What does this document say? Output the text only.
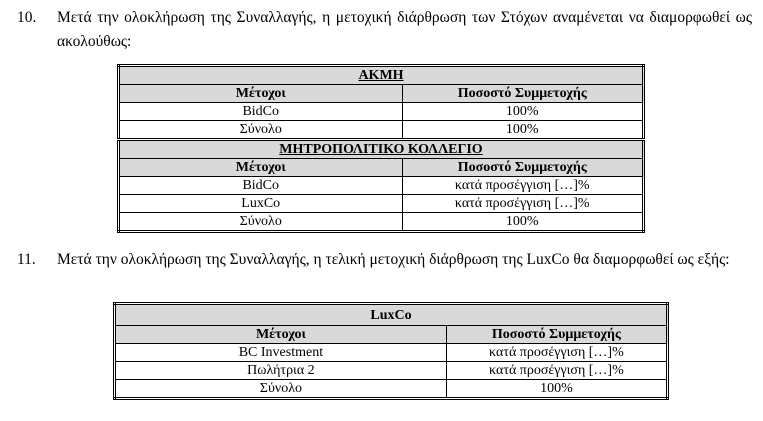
10. Μετά την ολοκλήρωση της Συναλλαγής, η μετοχική διάρθρωση των Στόχων αναμένεται να διαμορφωθεί ως ακολούθως:
ΑΚΜΗ	
Μέτοχοι	Ποσοστό Συμμετοχής
BidCo	100%
Σύνολο	100%
ΜΗΤΡΟΠΟΛΙΤΙΚΟ ΚΟΛΛΕΓΙΟ	
Μέτοχοι	Ποσοστό Συμμετοχής
BidCo	κατά προσέγγιση […]%
LuxCo	κατά προσέγγιση […]%
Σύνολο	100%
11. Μετά την ολοκλήρωση της Συναλλαγής, η τελική μετοχική διάρθρωση της LuxCo θα διαμορφωθεί ως εξής:
LuxCo	
Μέτοχοι	Ποσοστό Συμμετοχής
BC Investment	κατά προσέγγιση […]%
Πωλήτρια 2	κατά προσέγγιση […]%
Σύνολο	100%
